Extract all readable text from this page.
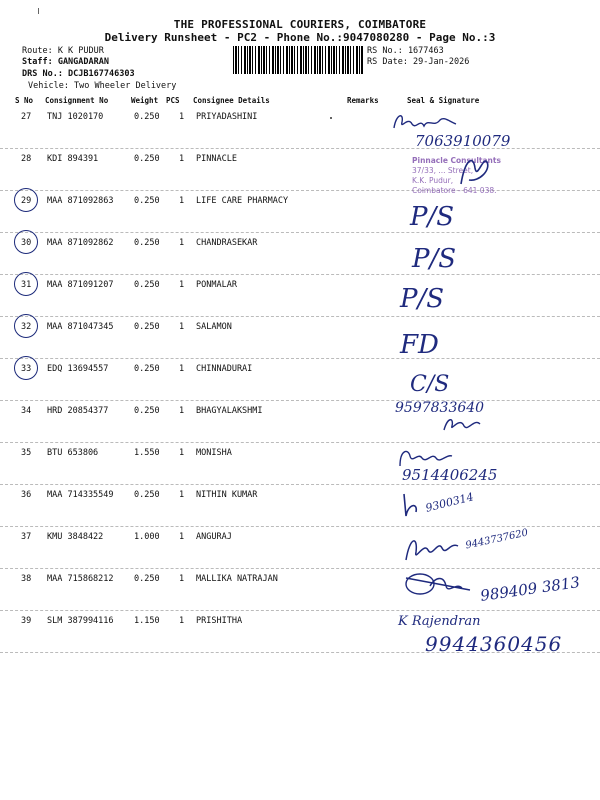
THE PROFESSIONAL COURIERS, COIMBATORE
Delivery Runsheet - PC2 - Phone No.:9047080280 - Page No.:3
Route: K K PUDUR
Staff: GANGADARAN
DRS No.: DCJB167746303
Vehicle: Two Wheeler Delivery
RS No.: 1677463
RS Date: 29-Jan-2026
S No Consignment No	Weight PCS Consignee Details	Remarks	Seal & Signature
27 TNJ 1020170	0.250 1 PRIYADASHINI
28 KDI 894391	0.250 1 PINNACLE
29 MAA 871092863 0.250 1 LIFE CARE PHARMACY
30 MAA 871092862 0.250 1 CHANDRASEKAR
31 MAA 871091207 0.250 1 PONMALAR
32 MAA 871047345 0.250 1 SALAMON
33 EDQ 13694557	0.250 1 CHINNADURAI
34 HRD 20854377	0.250 1 BHAGYALAKSHMI
35 BTU 653806	1.550 1 MONISHA
36 MAA 714335549 0.250 1 NITHIN KUMAR
37 KMU 3848422	1.000 1 ANGURAJ
38 MAA 715868212 0.250 1 MALLIKA NATRAJAN
39 SLM 387994116 1.150 1 PRISHITHA
Pinnacle Consultants
37/33, ... Street,
K.K. Pudur,
Coimbatore - 641 038.
7063910079
P/S
P/S
P/S
FD
C/S
9597833640
9514406245
9300314
9443737620
989409 3813
K Rajendran
9944360456
